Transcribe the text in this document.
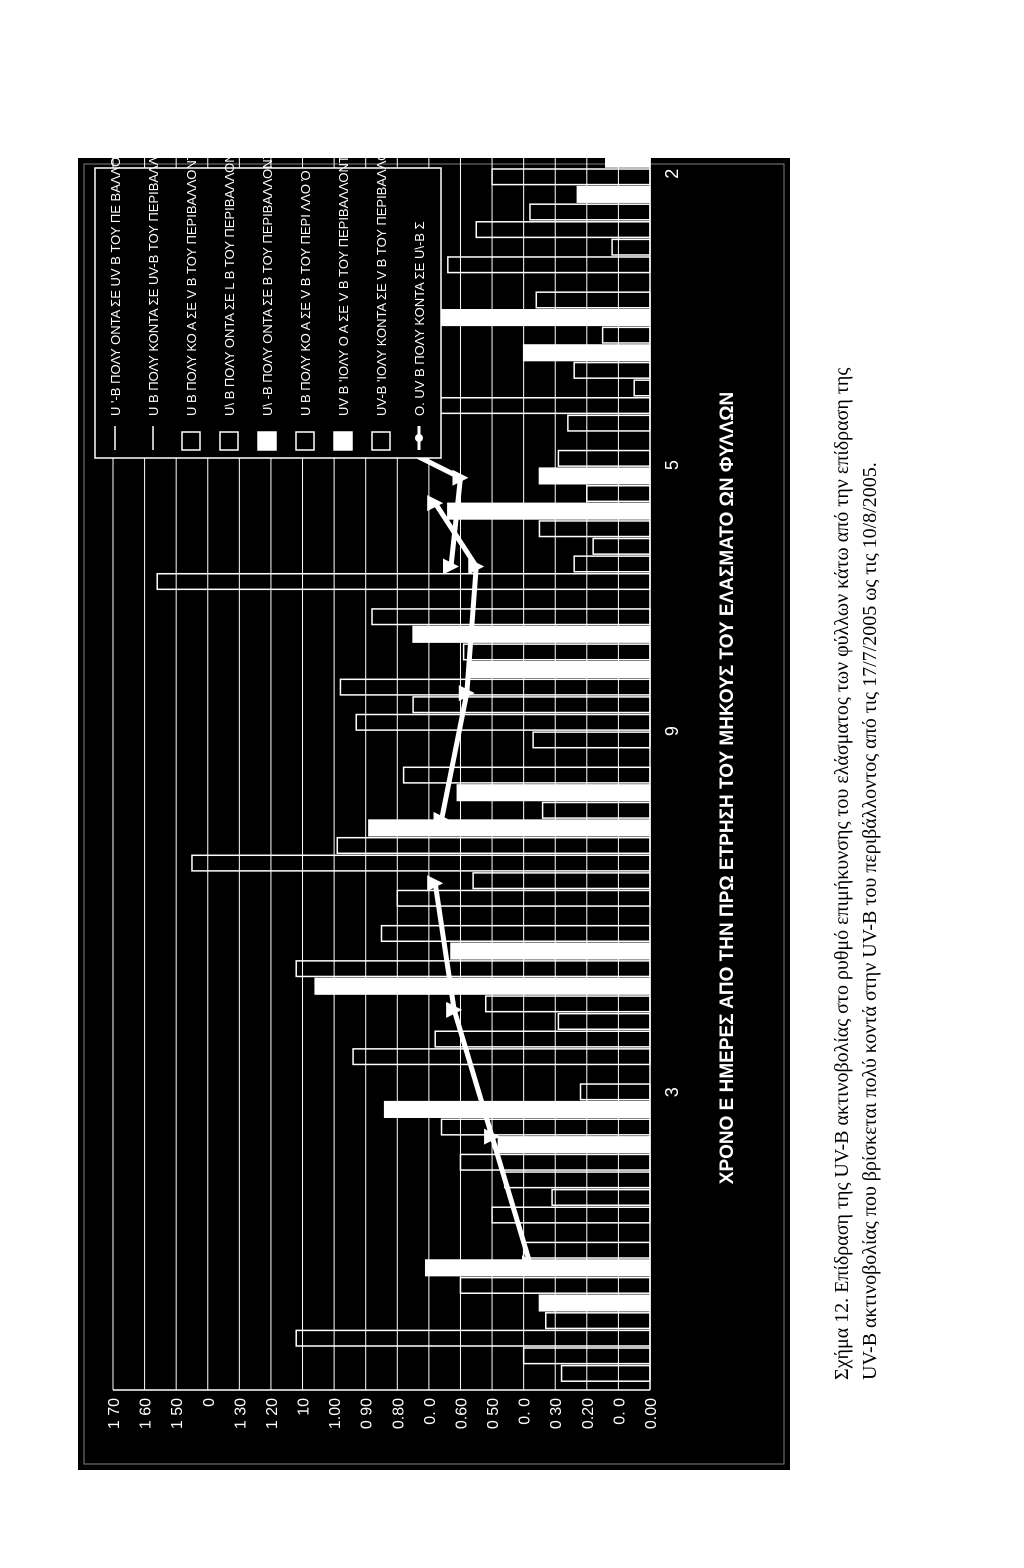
0.00
0. 0
0.20
0 30
0. 0
0 50
0.60
0. 0
0.80
0 90
1.00
10
1 20
1 30
0
1 50
1 60
1 70
3
9
5
2
ΡΥΘΜΟΣ ΕΠΙΜΗΚΥΝΣΗΣ(mm ανα ημερα) ΤΟΥ ΕΛΑΣΜΑΤΟΣ ΤΩΝ ΦΥΛΛΩΝ	ΧΡΟΝΟ Ε ΗΜΕΡΕΣ ΑΠΟ ΤΗΝ ΠΡΩ ΕΤΡΗΣΗ ΤΟΥ ΜΗΚΟΥΣ ΤΟΥ ΕΛΑΣΜΑΤΟ ΩΝ ΦΥΛΛΩΝ
U '-B ΠΟΛΥ ΟΝΤΑ ΣΕ UV B ΤΟΥ ΠΕ ΒΑΛΛΟΝΤΟΣ U B ΠΟΛΥ ΚΟΝΤΑ ΣΕ UV-B ΤΟΥ ΠΕΡΙΒΑΛΛΟΝΤΟΣ U B ΠΟΛΥ ΚΟ Α ΣΕ V B ΤΟΥ ΠΕΡΙΒΑΛΛΟΝΤΟ U\ B ΠΟΛΥ ΟΝΤΑ ΣΕ L B ΤΟΥ ΠΕΡΙΒΑΛΛΟΝΤΟΣ U\ -B ΠΟΛΥ ΟΝΤΑ ΣΕ B ΤΟΥ ΠΕΡΙΒΑΛΛΟΝΤΟΣ U B ΠΟΛΥ ΚΟ Α ΣΕ V B ΤΟΥ ΠΕΡΙ ΛΛΟ Ό UV B 'ΙΟΛΥ Ο Α ΣΕ V B ΤΟΥ ΠΕΡΙΒΑΛΛΟΝΤΟΣ UV-B 'ΙΟΛΥ ΚΟΝΤΑ ΣΕ V B ΤΟΥ ΠΕΡΙΒΑΛΛΟΝΤΟΣ Ο. UV B ΠΟΛΥ ΚΟΝΤΑ ΣΕ U\-B Σ
Σχήμα 12. Επίδραση της UV-B ακτινοβολίας στο ρυθμό επιμήκυνσης του ελάσματος των φύλλων κάτω από την επίδραση της UV-B ακτινοβολίας που βρίσκεται πολύ κοντά στην UV-B του περιβάλλοντος από τις 17/7/2005 ως τις 10/8/2005.
